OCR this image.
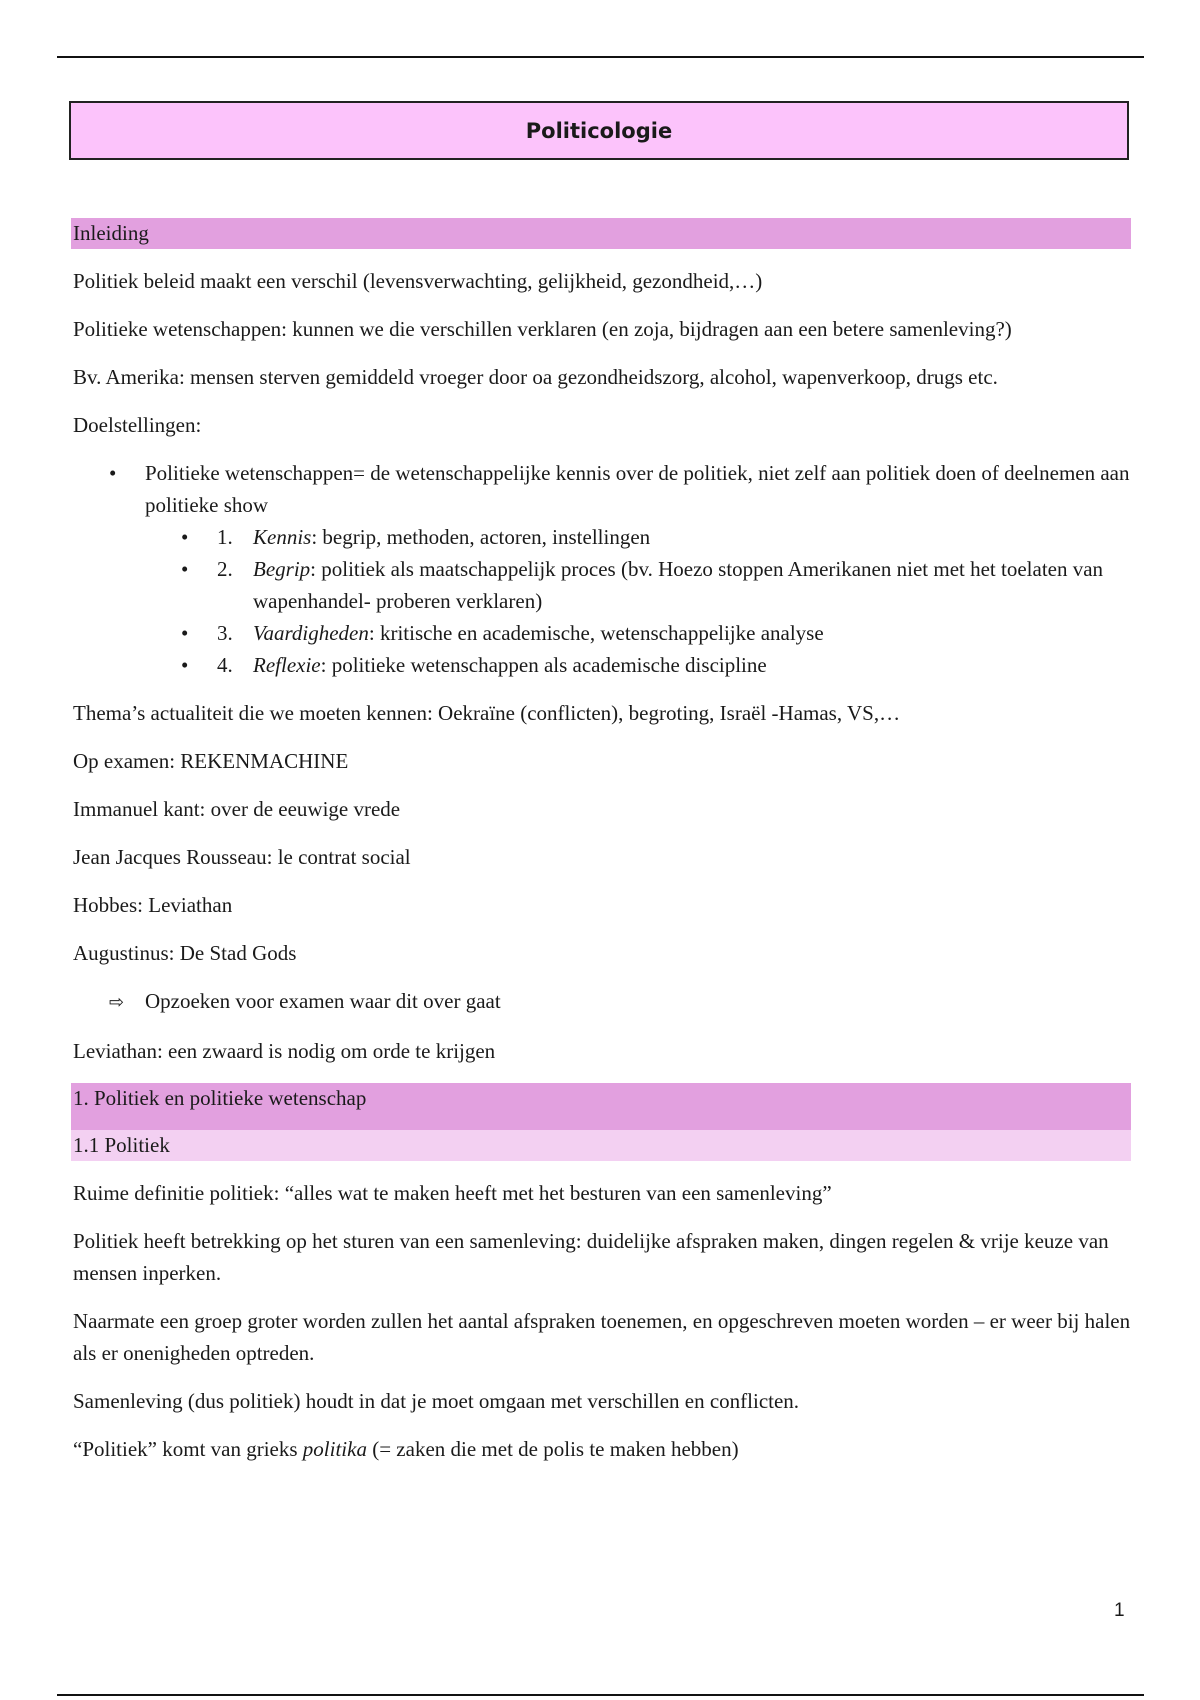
Politicologie
Inleiding

Politiek beleid maakt een verschil (levensverwachting, gelijkheid, gezondheid,…)

Politieke wetenschappen: kunnen we die verschillen verklaren (en zoja, bijdragen aan een betere samenleving?)

Bv. Amerika: mensen sterven gemiddeld vroeger door oa gezondheidszorg, alcohol, wapenverkoop, drugs etc.

Doelstellingen:

• Politieke wetenschappen= de wetenschappelijke kennis over de politiek, niet zelf aan politiek doen of deelnemen aan politieke show
• 1. Kennis: begrip, methoden, actoren, instellingen
• 2. Begrip: politiek als maatschappelijk proces (bv. Hoezo stoppen Amerikanen niet met het toelaten van wapenhandel- proberen verklaren)
• 3. Vaardigheden: kritische en academische, wetenschappelijke analyse
• 4. Reflexie: politieke wetenschappen als academische discipline

Thema’s actualiteit die we moeten kennen: Oekraïne (conflicten), begroting, Israël -Hamas, VS,…

Op examen: REKENMACHINE

Immanuel kant: over de eeuwige vrede

Jean Jacques Rousseau: le contrat social

Hobbes: Leviathan

Augustinus: De Stad Gods

⇨ Opzoeken voor examen waar dit over gaat

Leviathan: een zwaard is nodig om orde te krijgen

1. Politiek en politieke wetenschap
1.1 Politiek

Ruime definitie politiek: “alles wat te maken heeft met het besturen van een samenleving”

Politiek heeft betrekking op het sturen van een samenleving: duidelijke afspraken maken, dingen regelen & vrije keuze van mensen inperken.

Naarmate een groep groter worden zullen het aantal afspraken toenemen, en opgeschreven moeten worden – er weer bij halen als er onenigheden optreden.

Samenleving (dus politiek) houdt in dat je moet omgaan met verschillen en conflicten.

“Politiek” komt van grieks politika (= zaken die met de polis te maken hebben)

1
